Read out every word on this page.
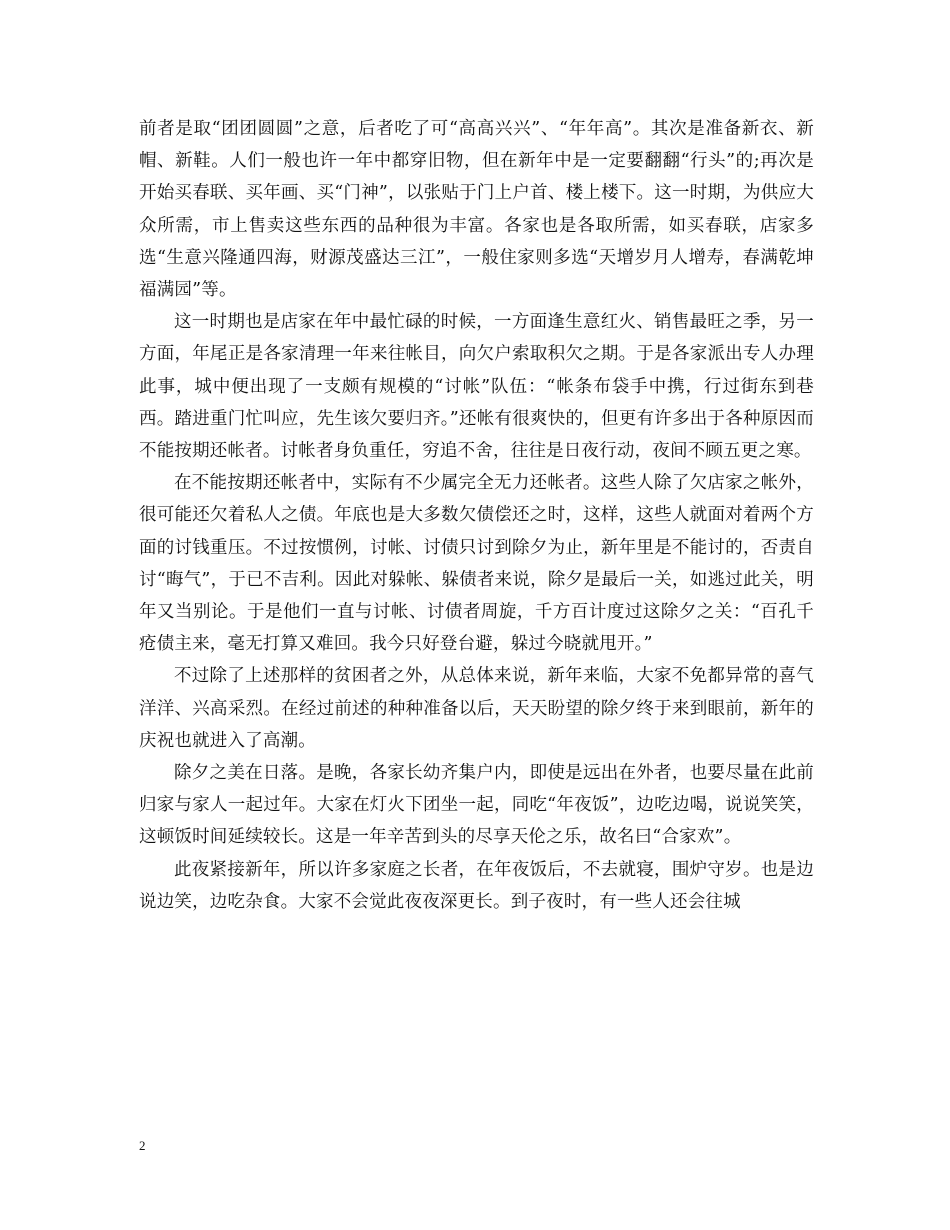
前者是取“团团圆圆”之意，后者吃了可“高高兴兴”、“年年高”。其次是准备新衣、新帽、新鞋。人们一般也许一年中都穿旧物，但在新年中是一定要翻翻“行头”的;再次是开始买春联、买年画、买“门神”，以张贴于门上户首、楼上楼下。这一时期，为供应大众所需，市上售卖这些东西的品种很为丰富。各家也是各取所需，如买春联，店家多选“生意兴隆通四海，财源茂盛达三江”，一般住家则多选“天增岁月人增寿，春满乾坤福满园”等。

这一时期也是店家在年中最忙碌的时候，一方面逢生意红火、销售最旺之季，另一方面，年尾正是各家清理一年来往帐目，向欠户索取积欠之期。于是各家派出专人办理此事，城中便出现了一支颇有规模的“讨帐”队伍：“帐条布袋手中携，行过街东到巷西。踏进重门忙叫应，先生该欠要归齐。”还帐有很爽快的，但更有许多出于各种原因而不能按期还帐者。讨帐者身负重任，穷追不舍，往往是日夜行动，夜间不顾五更之寒。

在不能按期还帐者中，实际有不少属完全无力还帐者。这些人除了欠店家之帐外，很可能还欠着私人之债。年底也是大多数欠债偿还之时，这样，这些人就面对着两个方面的讨钱重压。不过按惯例，讨帐、讨债只讨到除夕为止，新年里是不能讨的，否责自讨“晦气”，于已不吉利。因此对躲帐、躲债者来说，除夕是最后一关，如逃过此关，明年又当别论。于是他们一直与讨帐、讨债者周旋，千方百计度过这除夕之关：“百孔千疮债主来，毫无打算又难回。我今只好登台避，躲过今晓就甩开。”

不过除了上述那样的贫困者之外，从总体来说，新年来临，大家不免都异常的喜气洋洋、兴高采烈。在经过前述的种种准备以后，天天盼望的除夕终于来到眼前，新年的庆祝也就进入了高潮。

除夕之美在日落。是晚，各家长幼齐集户内，即使是远出在外者，也要尽量在此前归家与家人一起过年。大家在灯火下团坐一起，同吃“年夜饭”，边吃边喝，说说笑笑，这顿饭时间延续较长。这是一年辛苦到头的尽享天伦之乐，故名曰“合家欢”。

此夜紧接新年，所以许多家庭之长者，在年夜饭后，不去就寝，围炉守岁。也是边说边笑，边吃杂食。大家不会觉此夜夜深更长。到子夜时，有一些人还会往城

2
